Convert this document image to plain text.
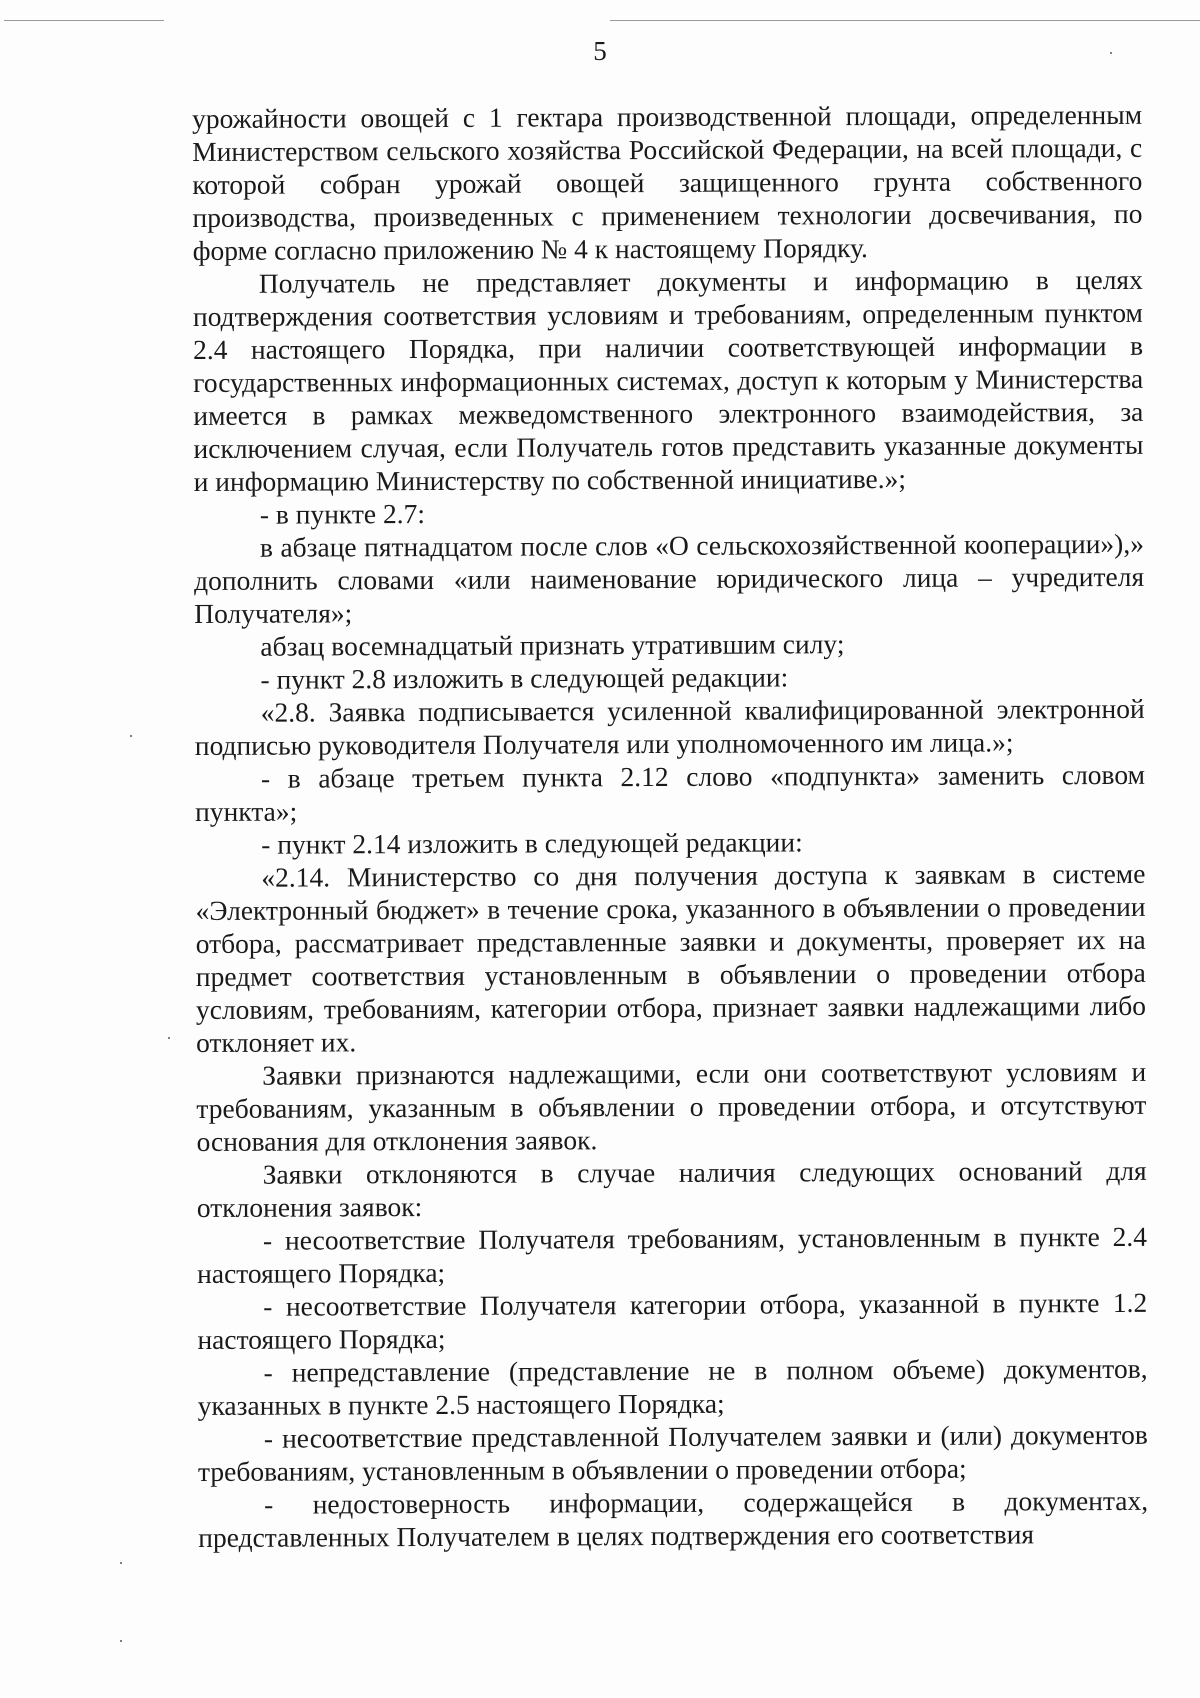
5

урожайности овощей с 1 гектара производственной площади, определенным Министерством сельского хозяйства Российской Федерации, на всей площади, с которой собран урожай овощей защищенного грунта собственного производства, произведенных с применением технологии досвечивания, по форме согласно приложению № 4 к настоящему Порядку.

Получатель не представляет документы и информацию в целях подтверждения соответствия условиям и требованиям, определенным пунктом 2.4 настоящего Порядка, при наличии соответствующей информации в государственных информационных системах, доступ к которым у Министерства имеется в рамках межведомственного электронного взаимодействия, за исключением случая, если Получатель готов представить указанные документы и информацию Министерству по собственной инициативе.»;

- в пункте 2.7:

в абзаце пятнадцатом после слов «О сельскохозяйственной кооперации»),» дополнить словами «или наименование юридического лица – учредителя Получателя»;

абзац восемнадцатый признать утратившим силу;

- пункт 2.8 изложить в следующей редакции:

«2.8. Заявка подписывается усиленной квалифицированной электронной подписью руководителя Получателя или уполномоченного им лица.»;

- в абзаце третьем пункта 2.12 слово «подпункта» заменить словом пункта»;

- пункт 2.14 изложить в следующей редакции:

«2.14. Министерство со дня получения доступа к заявкам в системе «Электронный бюджет» в течение срока, указанного в объявлении о проведении отбора, рассматривает представленные заявки и документы, проверяет их на предмет соответствия установленным в объявлении о проведении отбора условиям, требованиям, категории отбора, признает заявки надлежащими либо отклоняет их.

Заявки признаются надлежащими, если они соответствуют условиям и требованиям, указанным в объявлении о проведении отбора, и отсутствуют основания для отклонения заявок.

Заявки отклоняются в случае наличия следующих оснований для отклонения заявок:

- несоответствие Получателя требованиям, установленным в пункте 2.4 настоящего Порядка;

- несоответствие Получателя категории отбора, указанной в пункте 1.2 настоящего Порядка;

- непредставление (представление не в полном объеме) документов, указанных в пункте 2.5 настоящего Порядка;

- несоответствие представленной Получателем заявки и (или) документов требованиям, установленным в объявлении о проведении отбора;

- недостоверность информации, содержащейся в документах, представленных Получателем в целях подтверждения его соответствия
